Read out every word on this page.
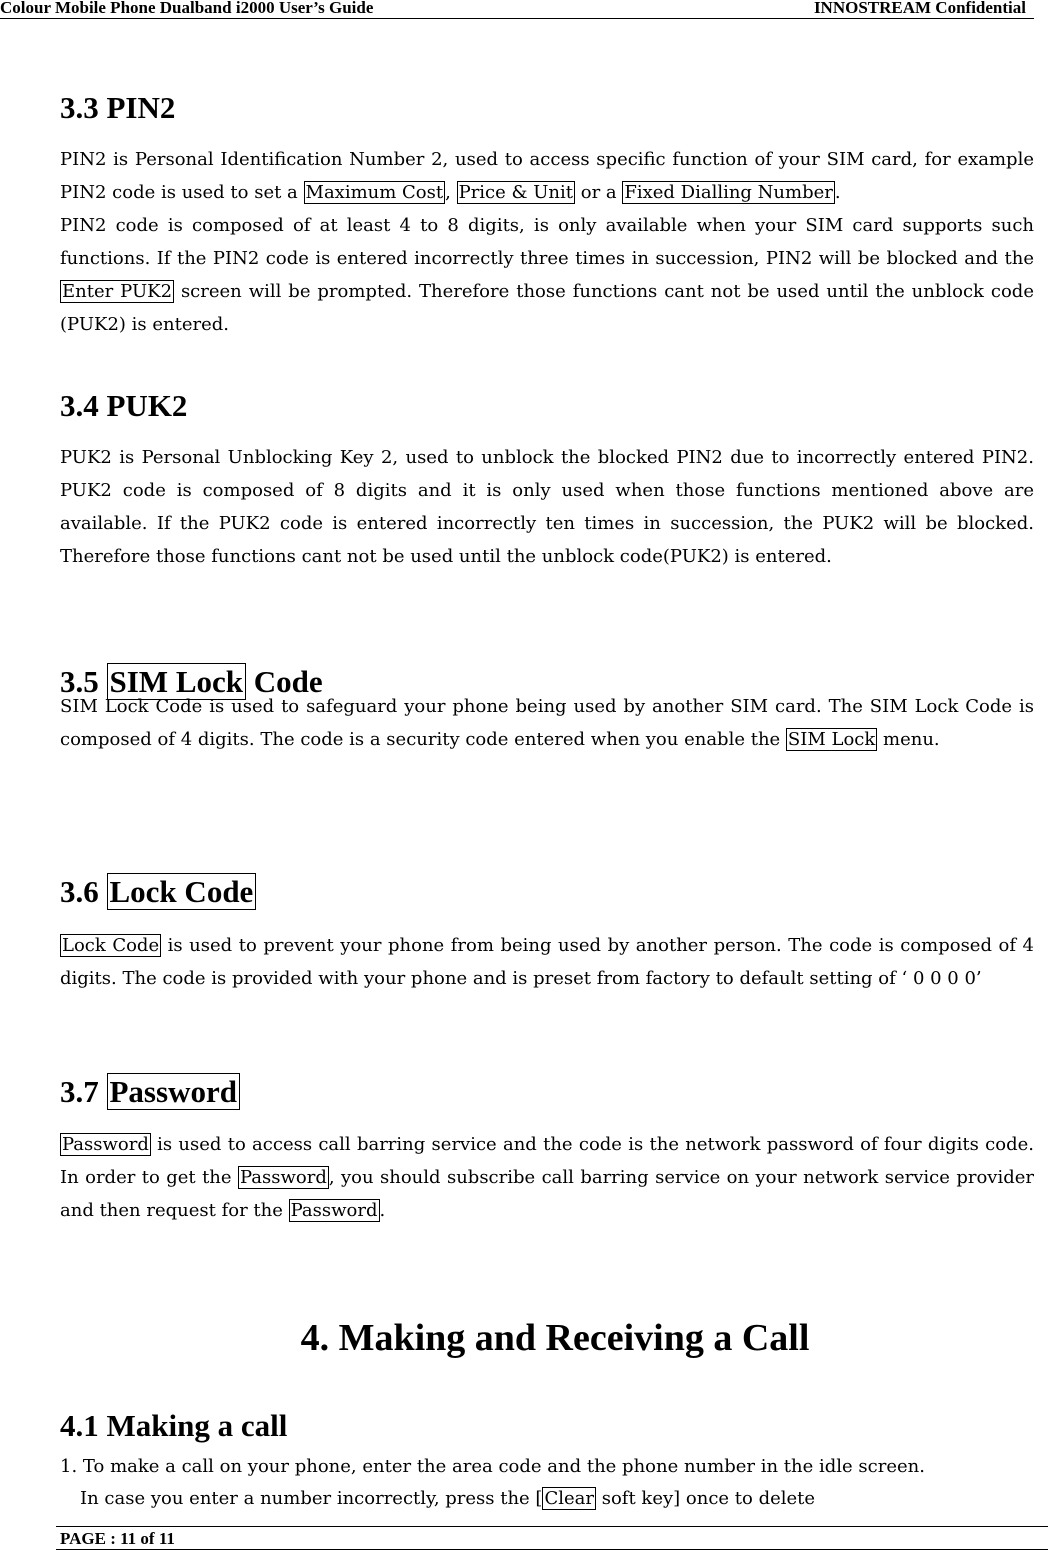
Colour Mobile Phone Dualband i2000 User’s Guide	INNOSTREAM Confidential
3.3 PIN2

PIN2 is Personal Identification Number 2, used to access specific function of your SIM card, for example PIN2 code is used to set a Maximum Cost , Price & Unit or a Fixed Dialling Number .

PIN2 code is composed of at least 4 to 8 digits, is only available when your SIM card supports such functions. If the PIN2 code is entered incorrectly three times in succession, PIN2 will be blocked and the Enter PUK2 screen will be prompted. Therefore those functions cant not be used until the unblock code (PUK2) is entered.

3.4 PUK2

PUK2 is Personal Unblocking Key 2, used to unblock the blocked PIN2 due to incorrectly entered PIN2. PUK2 code is composed of 8 digits and it is only used when those functions mentioned above are available. If the PUK2 code is entered incorrectly ten times in succession, the PUK2 will be blocked. Therefore those functions cant not be used until the unblock code(PUK2) is entered.

3.5 SIM Lock Code

SIM Lock Code is used to safeguard your phone being used by another SIM card. The SIM Lock Code is composed of 4 digits. The code is a security code entered when you enable the SIM Lock menu.

3.6 Lock Code

Lock Code is used to prevent your phone from being used by another person. The code is composed of 4 digits. The code is provided with your phone and is preset from factory to default setting of ‘ 0 0 0 0’

3.7 Password

Password is used to access call barring service and the code is the network password of four digits code. In order to get the Password , you should subscribe call barring service on your network service provider and then request for the Password .

4. Making and Receiving a Call
4.1 Making a call

1. To make a call on your phone, enter the area code and the phone number in the idle screen.

In case you enter a number incorrectly, press the [ Clear soft key] once to delete

PAGE : 11 of 11
